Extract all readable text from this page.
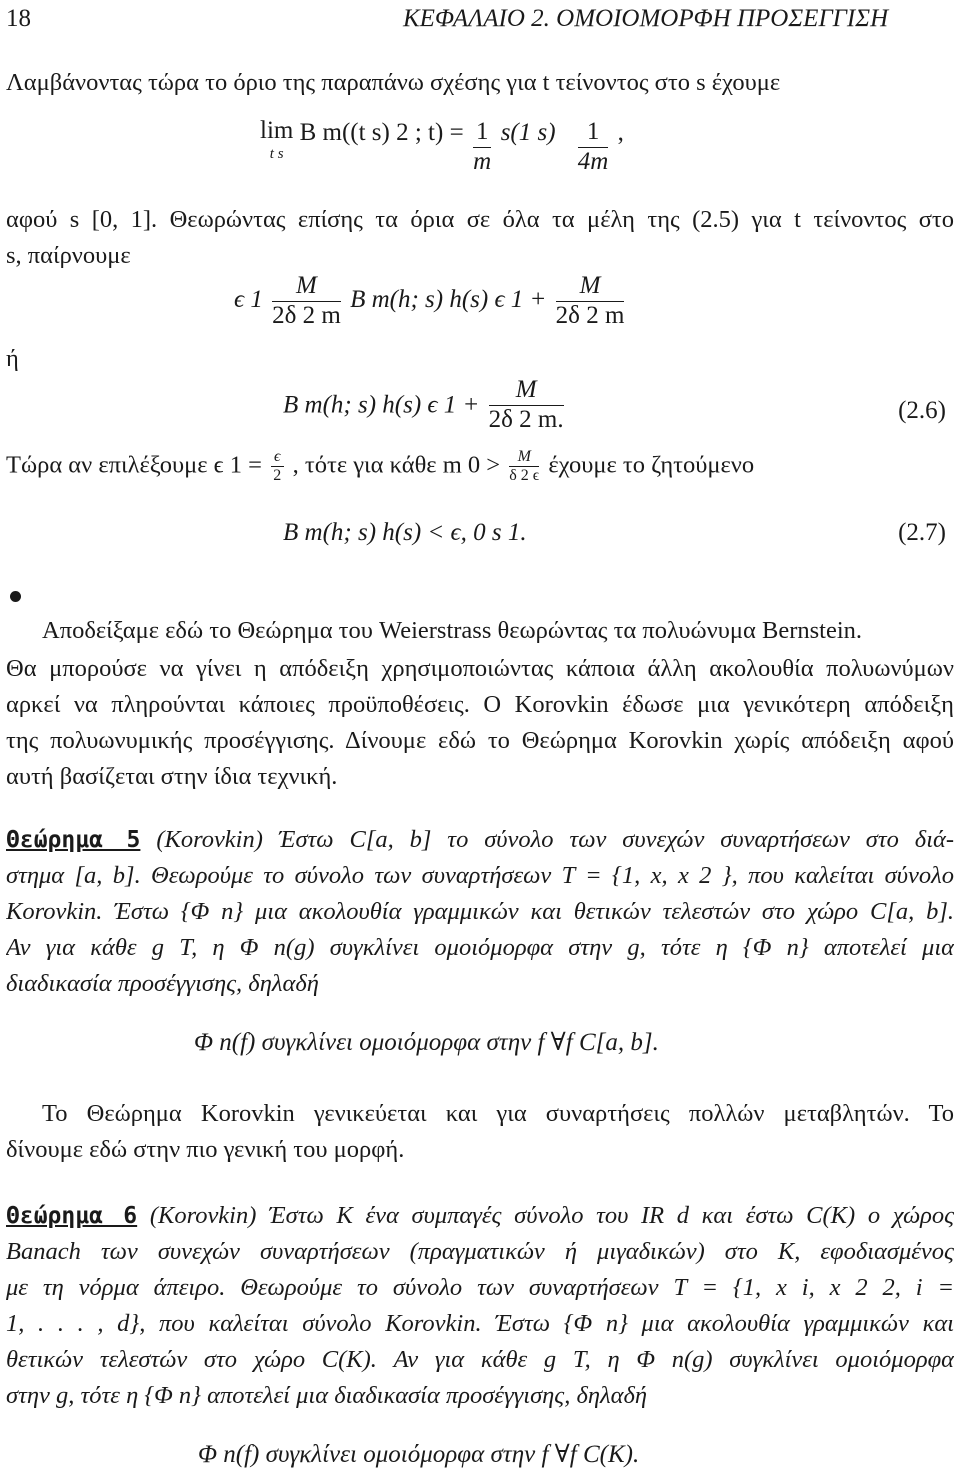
18	ΚΕΦΑΛΑΙΟ 2. ΟΜΟΙΟΜΟΡΦΗ ΠΡΟΣΕΓΓΙΣΗ
Λαμβάνοντας τώρα το όριο της παραπάνω σχέσης για t τείνοντος στο s έχουμε
lim
t s
B m((t s) 2 ; $t) = \frac{1}{m} s(1$ $s) \frac{1}{4m}$ ,
αφού s [0, 1]. Θεωρώντας επίσης τα όρια σε όλα τα μέλη της (2.5) για t τείνοντος στο
s, παίρνουμε
ϵ $1 \frac{M}{2\delta 2 m}$ B m(h; s) h(s) ϵ $1 + \frac{M}{2\delta 2 m}$
ή
B m(h; s) h(s) ϵ $1 + \frac{M}{2\delta 2 m.}$	(2.6)
Τώρα αν επιλέξουμε ϵ $1 = \frac{\epsilon}{2}$ , τότε για κάθε m $0 > \frac{M}{\delta 2 \epsilon}$ έχουμε το ζητούμενο
B m(h; s) h(s) < ϵ, 0 s 1.	(2.7)
Αποδείξαμε εδώ το Θεώρημα του Weierstrass θεωρώντας τα πολυώνυμα Bernstein.
Θα μπορούσε να γίνει η απόδειξη χρησιμοποιώντας κάποια άλλη ακολουθία πολυωνύμων
αρκεί να πληρούνται κάποιες προϋποθέσεις. Ο Korovkin έδωσε μια γενικότερη απόδειξη
της πολυωνυμικής προσέγγισης. Δίνουμε εδώ το Θεώρημα Korovkin χωρίς απόδειξη αφού
αυτή βασίζεται στην ίδια τεχνική.
Θεώρημα 5 (Korovkin) Έστω C[a, b] το σύνολο των συνεχών συναρτήσεων στο διά-
στημα [a, b]. Θεωρούμε το σύνολο των συναρτήσεων T = {1, x, x 2 }, που καλείται σύνολο
Korovkin. Έστω {Φ n} μια ακολουθία γραμμικών και θετικών τελεστών στο χώρο C[a, b].
Αν για κάθε g T, η Φ n(g) συγκλίνει ομοιόμορφα στην g, τότε η {Φ n} αποτελεί μια
διαδικασία προσέγγισης, δηλαδή
Φ n(f) συγκλίνει ομοιόμορφα στην f ∀f C[a, b].
Το Θεώρημα Korovkin γενικεύεται και για συναρτήσεις πολλών μεταβλητών. Το
δίνουμε εδώ στην πιο γενική του μορφή.
Θεώρημα 6 (Korovkin) Έστω K ένα συμπαγές σύνολο του IR d και έστω C(K) ο χώρος
Banach των συνεχών συναρτήσεων (πραγματικών ή μιγαδικών) στο K, εφοδιασμένος
με τη νόρμα άπειρο. Θεωρούμε το σύνολο των συναρτήσεων T = {1, x i, x 2 2, i =
1, . . . , d}, που καλείται σύνολο Korovkin. Έστω {Φ n} μια ακολουθία γραμμικών και
θετικών τελεστών στο χώρο C(K). Αν για κάθε g T, η Φ n(g) συγκλίνει ομοιόμορφα
στην g, τότε η {Φ n} αποτελεί μια διαδικασία προσέγγισης, δηλαδή
Φ n(f) συγκλίνει ομοιόμορφα στην f ∀f C(K).
